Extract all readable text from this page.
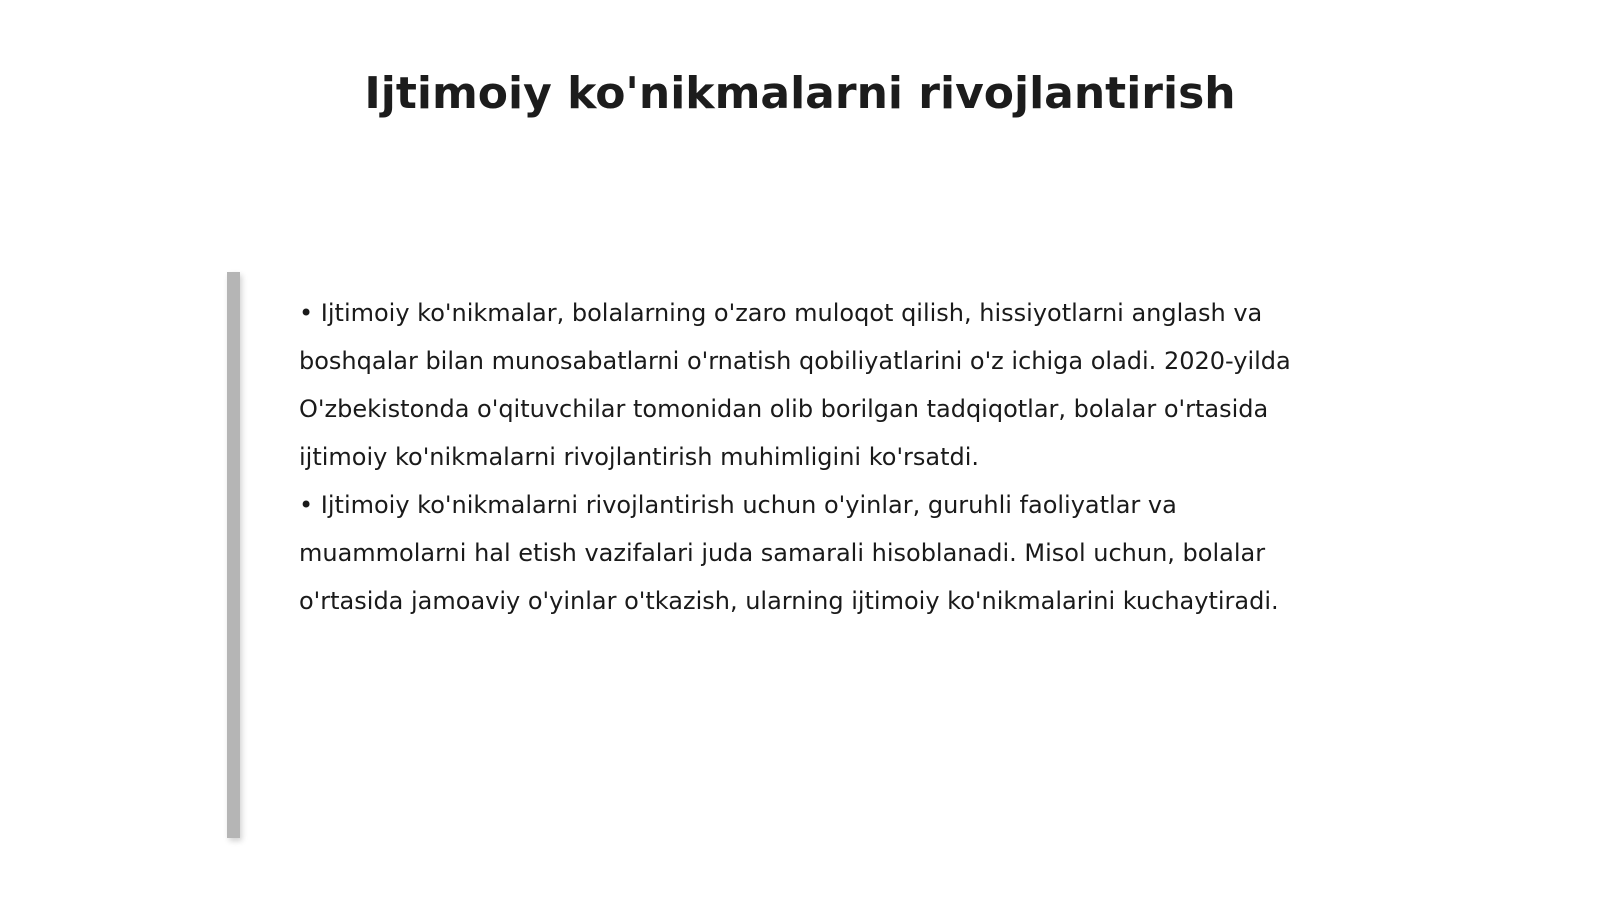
Ijtimoiy ko'nikmalarni rivojlantirish
• Ijtimoiy ko'nikmalar, bolalarning o'zaro muloqot qilish, hissiyotlarni anglash va boshqalar bilan munosabatlarni o'rnatish qobiliyatlarini o'z ichiga oladi. 2020-yilda O'zbekistonda o'qituvchilar tomonidan olib borilgan tadqiqotlar, bolalar o'rtasida ijtimoiy ko'nikmalarni rivojlantirish muhimligini ko'rsatdi.
• Ijtimoiy ko'nikmalarni rivojlantirish uchun o'yinlar, guruhli faoliyatlar va muammolarni hal etish vazifalari juda samarali hisoblanadi. Misol uchun, bolalar o'rtasida jamoaviy o'yinlar o'tkazish, ularning ijtimoiy ko'nikmalarini kuchaytiradi.
